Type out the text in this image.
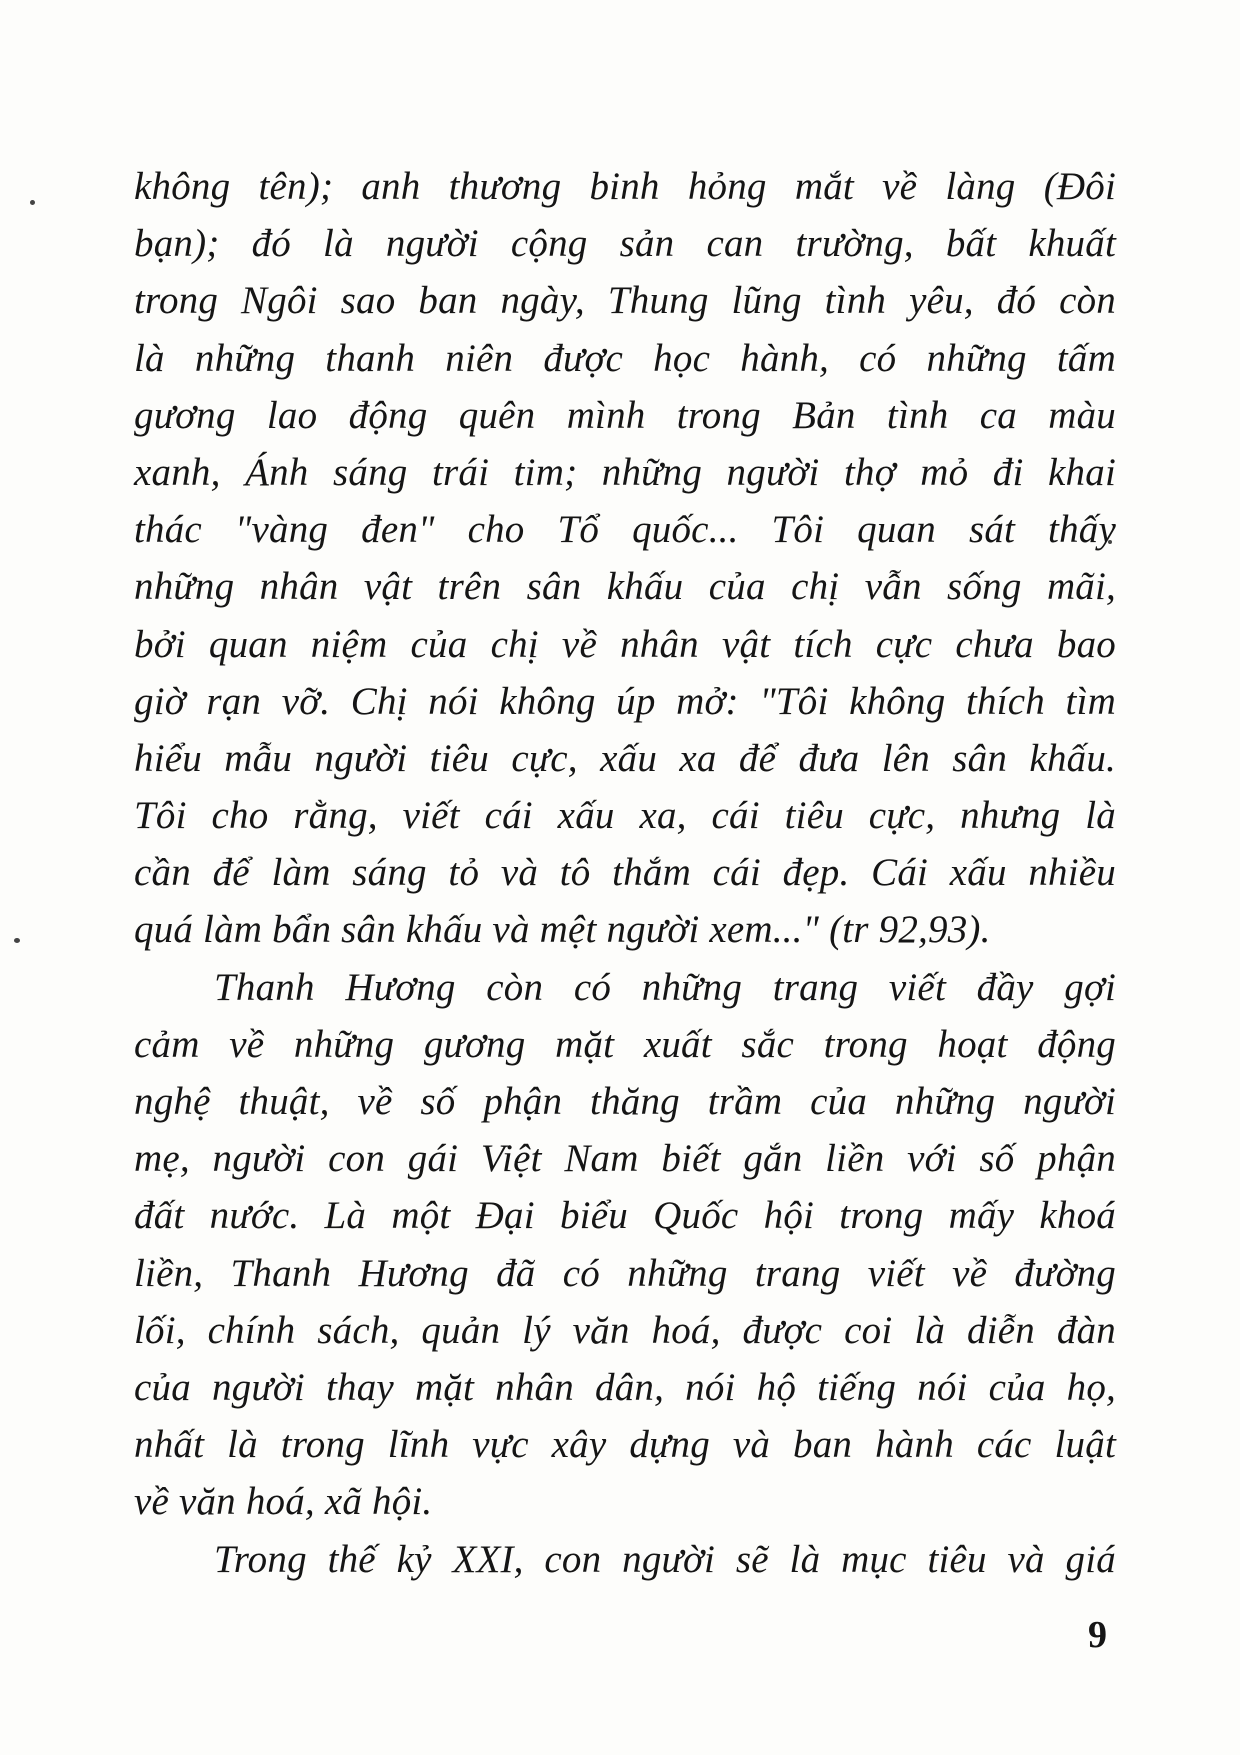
không tên); anh thương binh hỏng mắt về làng (Đôi
bạn); đó là người cộng sản can trường, bất khuất
trong Ngôi sao ban ngày, Thung lũng tình yêu, đó còn
là những thanh niên được học hành, có những tấm
gương lao động quên mình trong Bản tình ca màu
xanh, Ánh sáng trái tim; những người thợ mỏ đi khai
thác "vàng đen" cho Tổ quốc... Tôi quan sát thấy
những nhân vật trên sân khấu của chị vẫn sống mãi,
bởi quan niệm của chị về nhân vật tích cực chưa bao
giờ rạn vỡ. Chị nói không úp mở: "Tôi không thích tìm
hiểu mẫu người tiêu cực, xấu xa để đưa lên sân khấu.
Tôi cho rằng, viết cái xấu xa, cái tiêu cực, nhưng là
cần để làm sáng tỏ và tô thắm cái đẹp. Cái xấu nhiều
quá làm bẩn sân khấu và mệt người xem..." (tr 92,93).
Thanh Hương còn có những trang viết đầy gợi
cảm về những gương mặt xuất sắc trong hoạt động
nghệ thuật, về số phận thăng trầm của những người
mẹ, người con gái Việt Nam biết gắn liền với số phận
đất nước. Là một Đại biểu Quốc hội trong mấy khoá
liền, Thanh Hương đã có những trang viết về đường
lối, chính sách, quản lý văn hoá, được coi là diễn đàn
của người thay mặt nhân dân, nói hộ tiếng nói của họ,
nhất là trong lĩnh vực xây dựng và ban hành các luật
về văn hoá, xã hội.
Trong thế kỷ XXI, con người sẽ là mục tiêu và giá
9
